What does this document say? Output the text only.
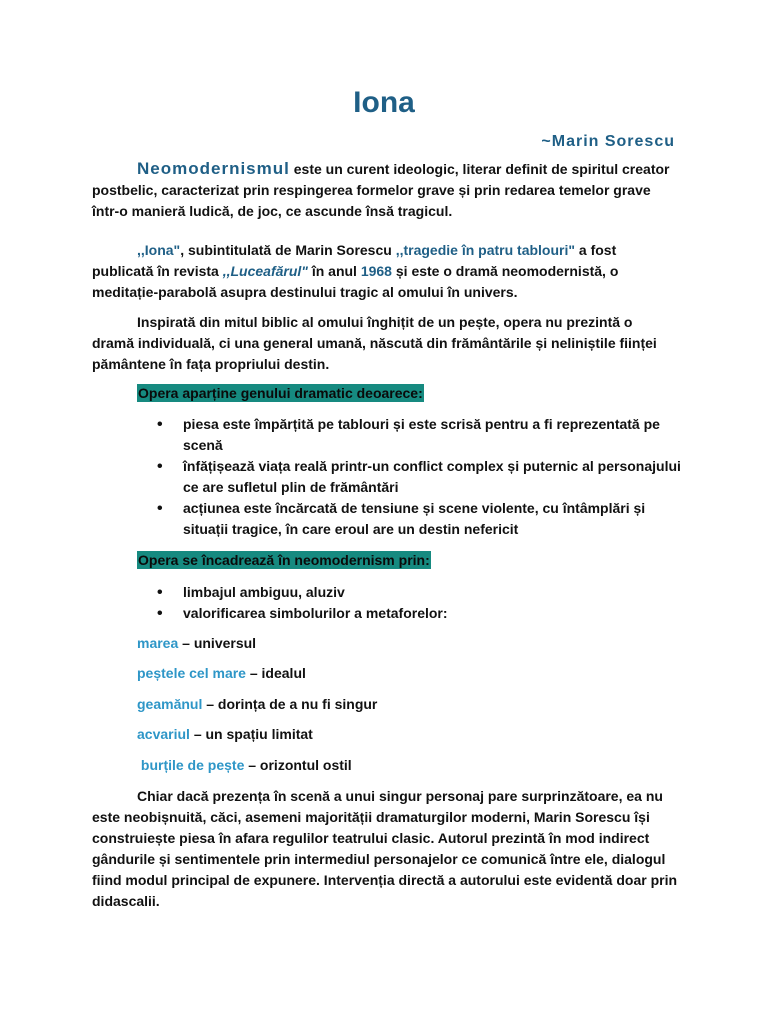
Iona
~Marin Sorescu

Neomodernismul este un curent ideologic, literar definit de spiritul creator postbelic, caracterizat prin respingerea formelor grave și prin redarea temelor grave într-o manieră ludică, de joc, ce ascunde însă tragicul.

,,Iona", subintitulată de Marin Sorescu ,,tragedie în patru tablouri" a fost publicată în revista ,,Luceafărul" în anul 1968 și este o dramă neomodernistă, o meditație-parabolă asupra destinului tragic al omului în univers.

Inspirată din mitul biblic al omului înghițit de un pește, opera nu prezintă o dramă individuală, ci una general umană, născută din frământările și neliniștile ființei pământene în fața propriului destin.

Opera aparține genului dramatic deoarece:
• piesa este împărțită pe tablouri și este scrisă pentru a fi reprezentată pe scenă
• înfățișează viața reală printr-un conflict complex și puternic al personajului ce are sufletul plin de frământări
• acțiunea este încărcată de tensiune și scene violente, cu întâmplări și situații tragice, în care eroul are un destin nefericit
Opera se încadrează în neomodernism prin:
• limbajul ambiguu, aluziv
• valorificarea simbolurilor a metaforelor:
marea – universul
peștele cel mare – idealul
geamănul – dorința de a nu fi singur
acvariul – un spațiu limitat
burțile de pește – orizontul ostil

Chiar dacă prezența în scenă a unui singur personaj pare surprinzătoare, ea nu este neobișnuită, căci, asemeni majorității dramaturgilor moderni, Marin Sorescu își construiește piesa în afara regulilor teatrului clasic. Autorul prezintă în mod indirect gândurile și sentimentele prin intermediul personajelor ce comunică între ele, dialogul fiind modul principal de expunere. Intervenția directă a autorului este evidentă doar prin didascalii.
